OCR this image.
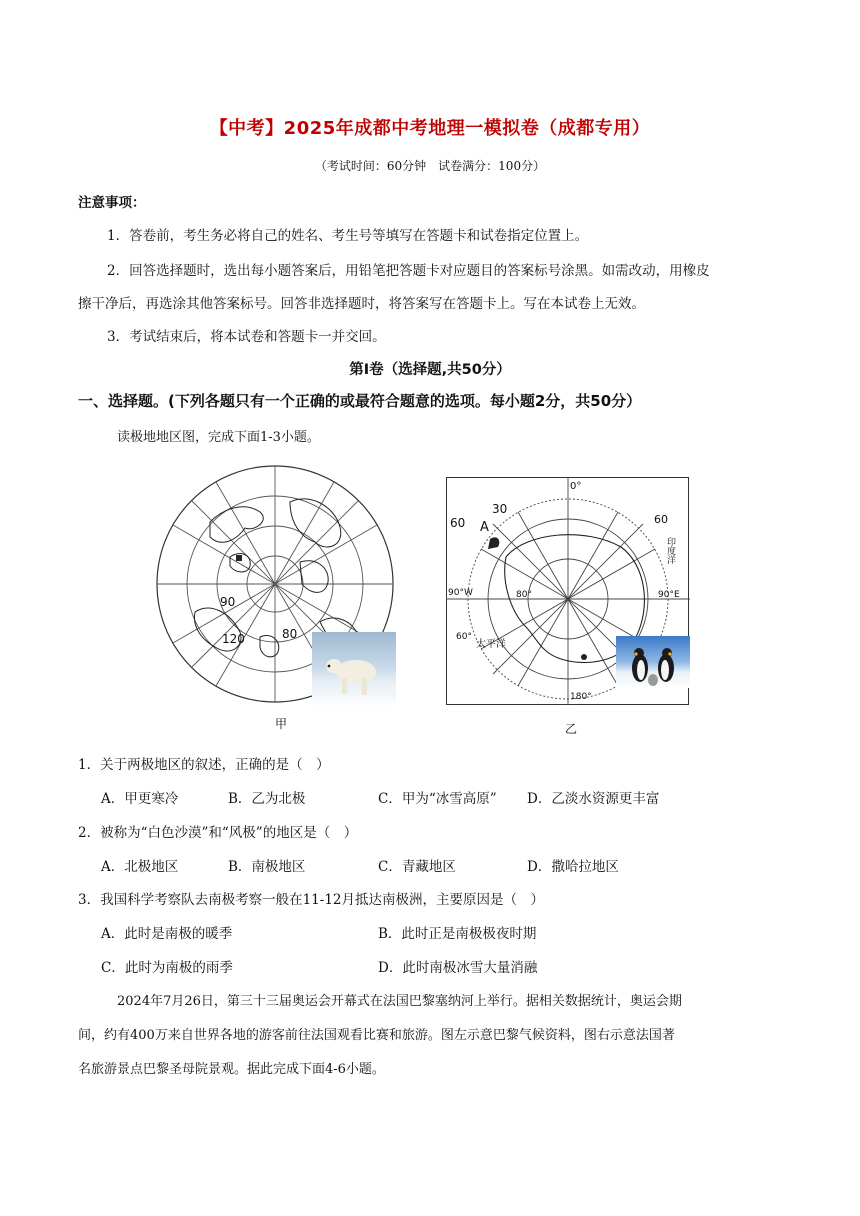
【中考】2025年成都中考地理一模拟卷（成都专用）
（考试时间：60分钟　试卷满分：100分）
注意事项：
1．答卷前，考生务必将自己的姓名、考生号等填写在答题卡和试卷指定位置上。
2．回答选择题时，选出每小题答案后，用铅笔把答题卡对应题目的答案标号涂黑。如需改动，用橡皮
擦干净后，再选涂其他答案标号。回答非选择题时，将答案写在答题卡上。写在本试卷上无效。
3．考试结束后，将本试卷和答题卡一并交回。
第Ⅰ卷（选择题,共50分）
一、选择题。(下列各题只有一个正确的或最符合题意的选项。每小题2分，共50分）
读极地地区图，完成下面1-3小题。
90
120	80
甲
30
0°
60 A
60
印度洋
90°W	80°	90°E
60°
太平洋
180°
乙
1．关于两极地区的叙述，正确的是（　）
A．甲更寒冷	B．乙为北极	C．甲为“冰雪高原” D．乙淡水资源更丰富
2．被称为“白色沙漠”和“风极”的地区是（　）
A．北极地区	B．南极地区	C．青藏地区	D．撒哈拉地区
3．我国科学考察队去南极考察一般在11-12月抵达南极洲，主要原因是（　）
A．此时是南极的暖季	B．此时正是南极极夜时期
C．此时为南极的雨季	D．此时南极冰雪大量消融
2024年7月26日，第三十三届奥运会开幕式在法国巴黎塞纳河上举行。据相关数据统计，奥运会期
间，约有400万来自世界各地的游客前往法国观看比赛和旅游。图左示意巴黎气候资料，图右示意法国著
名旅游景点巴黎圣母院景观。据此完成下面4-6小题。
